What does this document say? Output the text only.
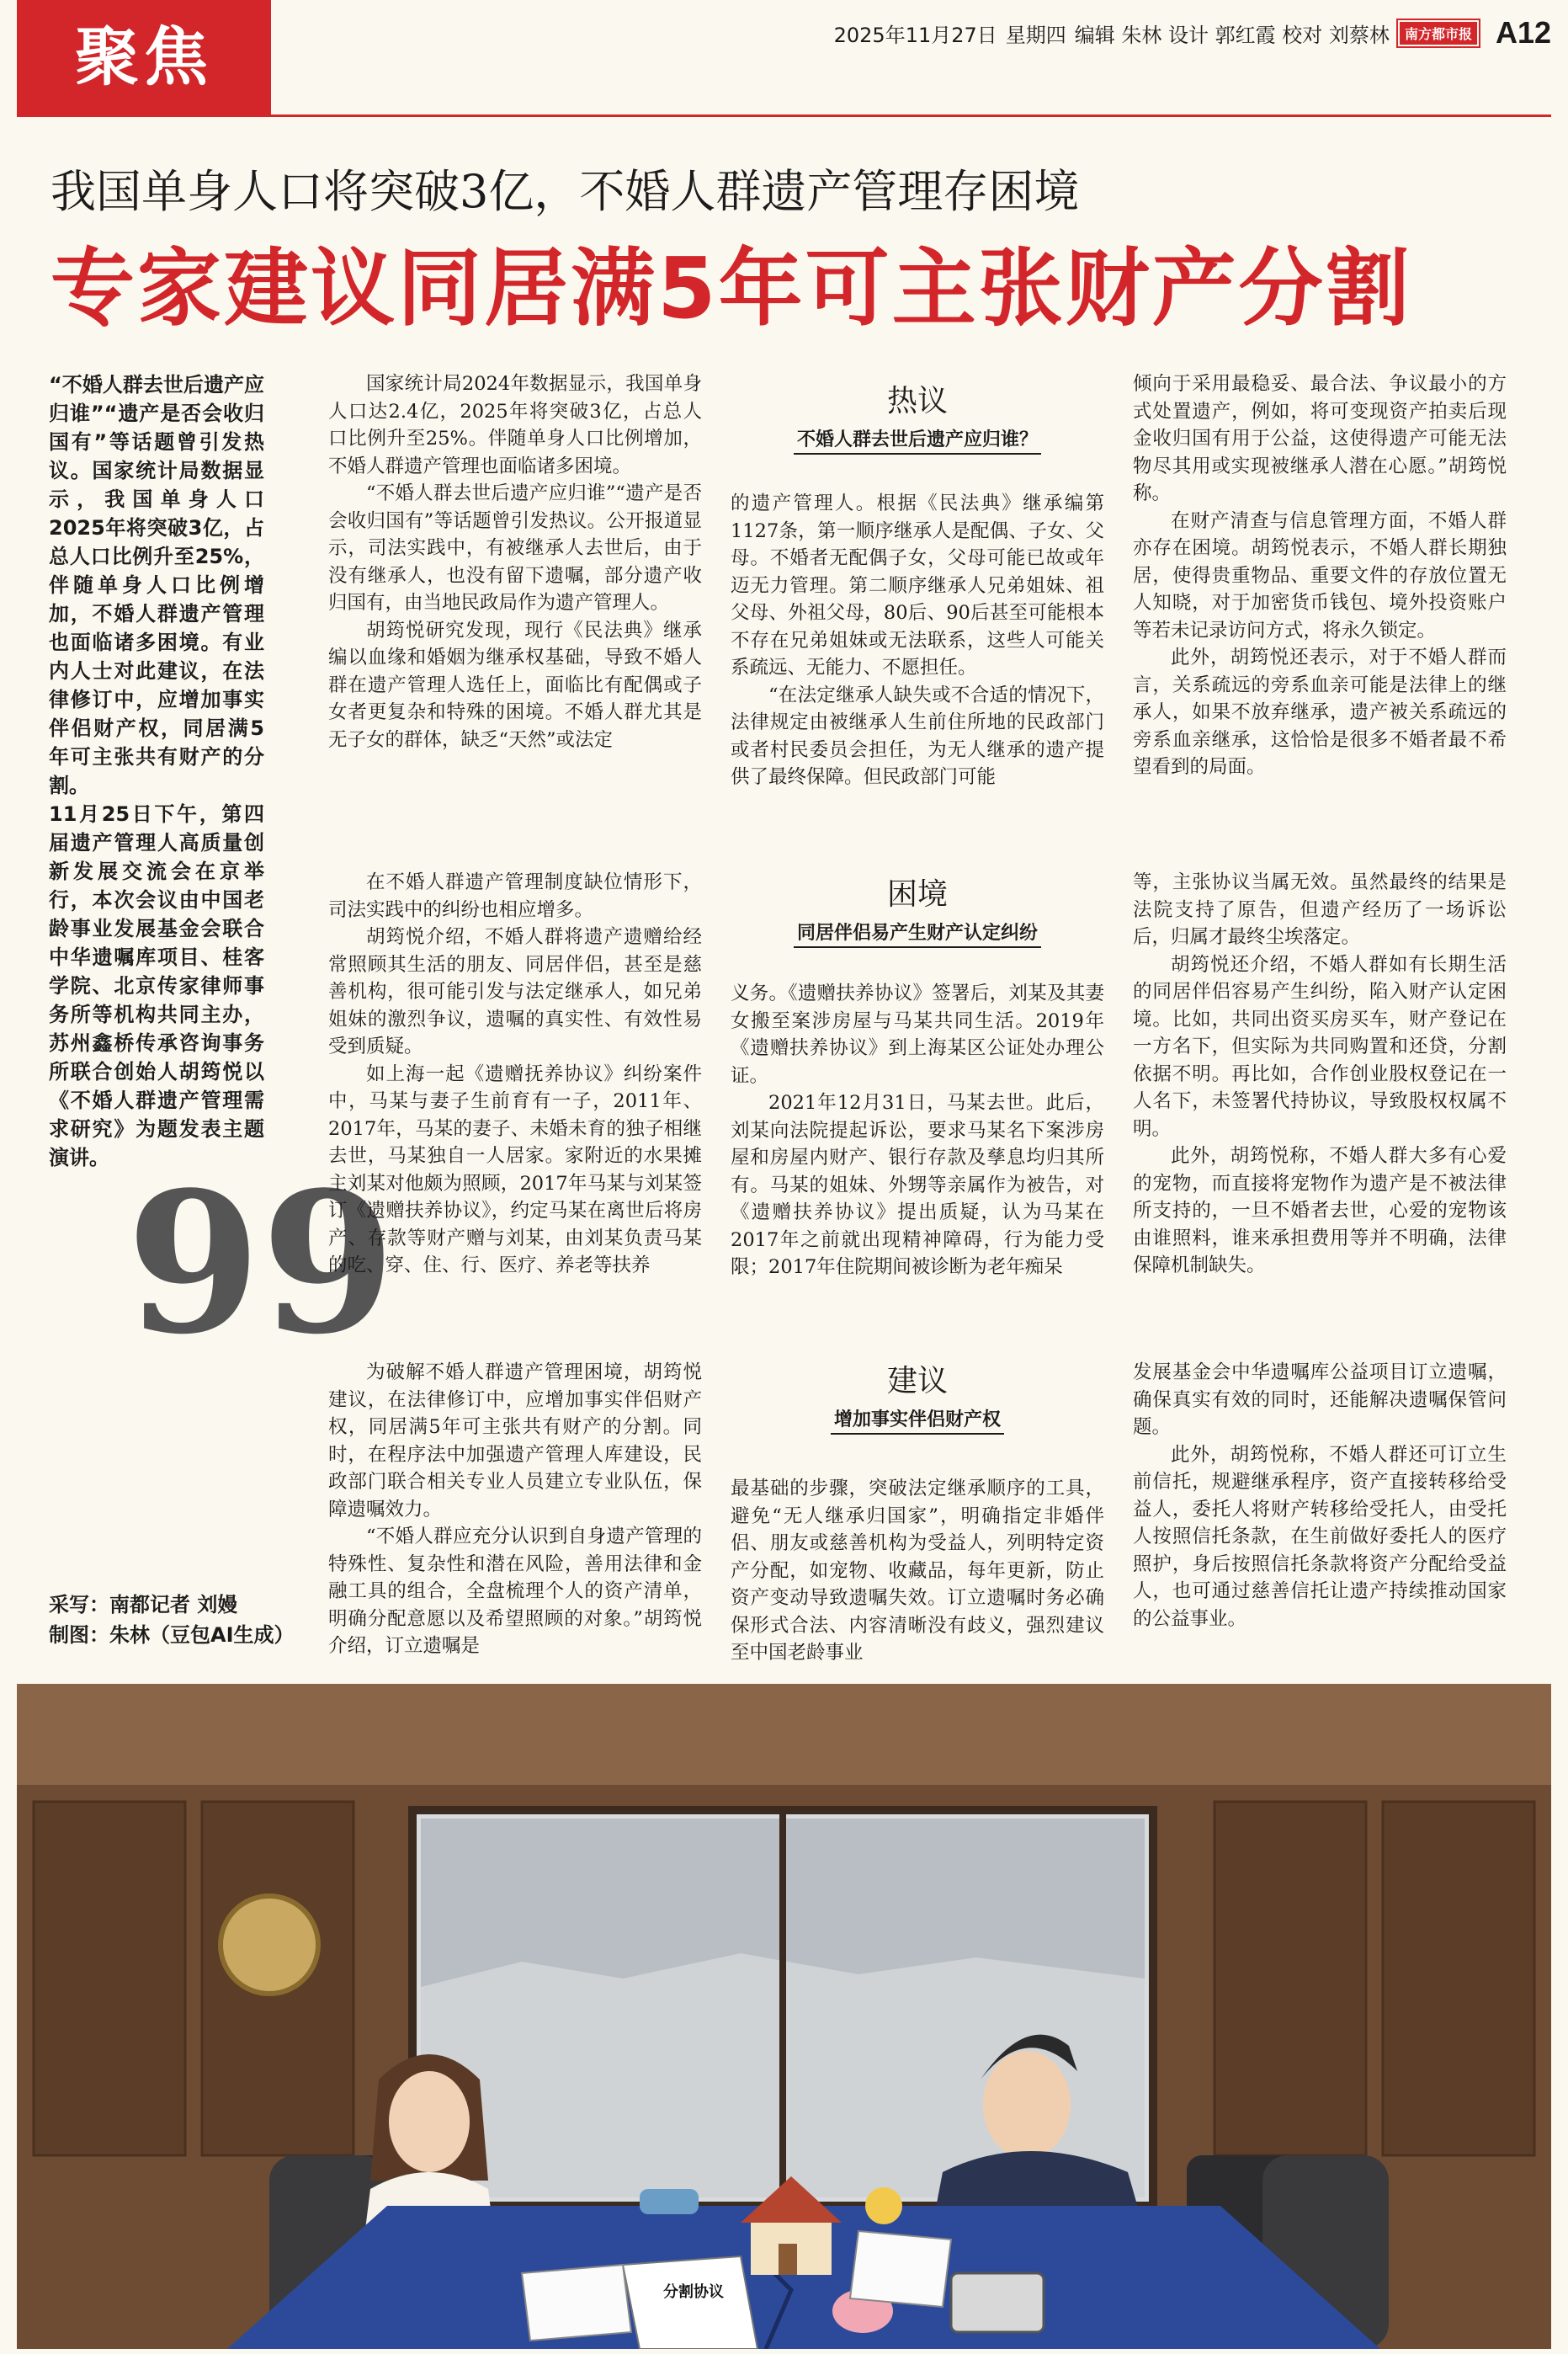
聚焦	2025年11月27日 星期四 编辑 朱林 设计 郭红霞 校对 刘蔡林	南方都市报 A12
我国单身人口将突破3亿，不婚人群遗产管理存困境
专家建议同居满5年可主张财产分割

“不婚人群去世后遗产应归谁”“遗产是否会收归国有”等话题曾引发热议。国家统计局数据显示，我国单身人口2025年将突破3亿，占总人口比例升至25%，伴随单身人口比例增加，不婚人群遗产管理也面临诸多困境。有业内人士对此建议，在法律修订中，应增加事实伴侣财产权，同居满5年可主张共有财产的分割。

11月25日下午，第四届遗产管理人高质量创新发展交流会在京举行，本次会议由中国老龄事业发展基金会联合中华遗嘱库项目、桂客学院、北京传家律师事务所等机构共同主办，苏州鑫桥传承咨询事务所联合创始人胡筠悦以《不婚人群遗产管理需求研究》为题发表主题演讲。 99
采写：南都记者 刘嫚
制图：朱林（豆包AI生成）

国家统计局2024年数据显示，我国单身人口达2.4亿，2025年将突破3亿，占总人口比例升至25%。伴随单身人口比例增加，不婚人群遗产管理也面临诸多困境。

“不婚人群去世后遗产应归谁”“遗产是否会收归国有”等话题曾引发热议。公开报道显示，司法实践中，有被继承人去世后，由于没有继承人，也没有留下遗嘱，部分遗产收归国有，由当地民政局作为遗产管理人。

胡筠悦研究发现，现行《民法典》继承编以血缘和婚姻为继承权基础，导致不婚人群在遗产管理人选任上，面临比有配偶或子女者更复杂和特殊的困境。不婚人群尤其是无子女的群体，缺乏“天然”或法定

热议
不婚人群去世后遗产应归谁？

的遗产管理人。根据《民法典》继承编第1127条，第一顺序继承人是配偶、子女、父母。不婚者无配偶子女，父母可能已故或年迈无力管理。第二顺序继承人兄弟姐妹、祖父母、外祖父母，80后、90后甚至可能根本不存在兄弟姐妹或无法联系，这些人可能关系疏远、无能力、不愿担任。

“在法定继承人缺失或不合适的情况下，法律规定由被继承人生前住所地的民政部门或者村民委员会担任，为无人继承的遗产提供了最终保障。但民政部门可能

倾向于采用最稳妥、最合法、争议最小的方式处置遗产，例如，将可变现资产拍卖后现金收归国有用于公益，这使得遗产可能无法物尽其用或实现被继承人潜在心愿。”胡筠悦称。

在财产清查与信息管理方面，不婚人群亦存在困境。胡筠悦表示，不婚人群长期独居，使得贵重物品、重要文件的存放位置无人知晓，对于加密货币钱包、境外投资账户等若未记录访问方式，将永久锁定。

此外，胡筠悦还表示，对于不婚人群而言，关系疏远的旁系血亲可能是法律上的继承人，如果不放弃继承，遗产被关系疏远的旁系血亲继承，这恰恰是很多不婚者最不希望看到的局面。

在不婚人群遗产管理制度缺位情形下，司法实践中的纠纷也相应增多。

胡筠悦介绍，不婚人群将遗产遗赠给经常照顾其生活的朋友、同居伴侣，甚至是慈善机构，很可能引发与法定继承人，如兄弟姐妹的激烈争议，遗嘱的真实性、有效性易受到质疑。

如上海一起《遗赠抚养协议》纠纷案件中，马某与妻子生前育有一子，2011年、2017年，马某的妻子、未婚未育的独子相继去世，马某独自一人居家。家附近的水果摊主刘某对他颇为照顾，2017年马某与刘某签订《遗赠扶养协议》，约定马某在离世后将房产、存款等财产赠与刘某，由刘某负责马某的吃、穿、住、行、医疗、养老等扶养

困境
同居伴侣易产生财产认定纠纷

义务。《遗赠扶养协议》签署后，刘某及其妻女搬至案涉房屋与马某共同生活。2019年《遗赠扶养协议》到上海某区公证处办理公证。

2021年12月31日，马某去世。此后，刘某向法院提起诉讼，要求马某名下案涉房屋和房屋内财产、银行存款及孳息均归其所有。马某的姐妹、外甥等亲属作为被告，对《遗赠扶养协议》提出质疑，认为马某在2017年之前就出现精神障碍，行为能力受限；2017年住院期间被诊断为老年痴呆

等，主张协议当属无效。虽然最终的结果是法院支持了原告，但遗产经历了一场诉讼后，归属才最终尘埃落定。

胡筠悦还介绍，不婚人群如有长期生活的同居伴侣容易产生纠纷，陷入财产认定困境。比如，共同出资买房买车，财产登记在一方名下，但实际为共同购置和还贷，分割依据不明。再比如，合作创业股权登记在一人名下，未签署代持协议，导致股权权属不明。

此外，胡筠悦称，不婚人群大多有心爱的宠物，而直接将宠物作为遗产是不被法律所支持的，一旦不婚者去世，心爱的宠物该由谁照料，谁来承担费用等并不明确，法律保障机制缺失。

为破解不婚人群遗产管理困境，胡筠悦建议，在法律修订中，应增加事实伴侣财产权，同居满5年可主张共有财产的分割。同时，在程序法中加强遗产管理人库建设，民政部门联合相关专业人员建立专业队伍，保障遗嘱效力。

“不婚人群应充分认识到自身遗产管理的特殊性、复杂性和潜在风险，善用法律和金融工具的组合，全盘梳理个人的资产清单，明确分配意愿以及希望照顾的对象。”胡筠悦介绍，订立遗嘱是

建议
增加事实伴侣财产权

最基础的步骤，突破法定继承顺序的工具，避免“无人继承归国家”，明确指定非婚伴侣、朋友或慈善机构为受益人，列明特定资产分配，如宠物、收藏品，每年更新，防止资产变动导致遗嘱失效。订立遗嘱时务必确保形式合法、内容清晰没有歧义，强烈建议至中国老龄事业

发展基金会中华遗嘱库公益项目订立遗嘱，确保真实有效的同时，还能解决遗嘱保管问题。

此外，胡筠悦称，不婚人群还可订立生前信托，规避继承程序，资产直接转移给受益人，委托人将财产转移给受托人，由受托人按照信托条款，在生前做好委托人的医疗照护，身后按照信托条款将资产分配给受益人，也可通过慈善信托让遗产持续推动国家的公益事业。

分割协议
